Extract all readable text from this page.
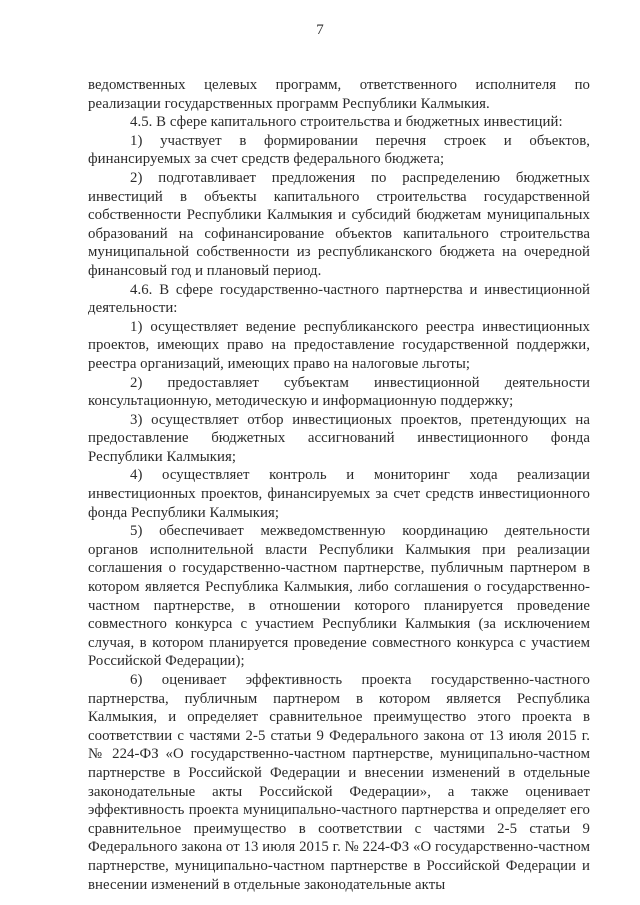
7

ведомственных целевых программ, ответственного исполнителя по реализации государственных программ Республики Калмыкия.

4.5. В сфере капитального строительства и бюджетных инвестиций:

1) участвует в формировании перечня строек и объектов, финансируемых за счет средств федерального бюджета;

2) подготавливает предложения по распределению бюджетных инвестиций в объекты капитального строительства государственной собственности Республики Калмыкия и субсидий бюджетам муниципальных образований на софинансирование объектов капитального строительства муниципальной собственности из республиканского бюджета на очередной финансовый год и плановый период.

4.6. В сфере государственно-частного партнерства и инвестиционной деятельности:

1) осуществляет ведение республиканского реестра инвестиционных проектов, имеющих право на предоставление государственной поддержки, реестра организаций, имеющих право на налоговые льготы;

2) предоставляет субъектам инвестиционной деятельности консультационную, методическую и информационную поддержку;

3) осуществляет отбор инвестиционых проектов, претендующих на предоставление бюджетных ассигнований инвестиционного фонда Республики Калмыкия;

4) осуществляет контроль и мониторинг хода реализации инвестиционных проектов, финансируемых за счет средств инвестиционного фонда Республики Калмыкия;

5) обеспечивает межведомственную координацию деятельности органов исполнительной власти Республики Калмыкия при реализации соглашения о государственно-частном партнерстве, публичным партнером в котором является Республика Калмыкия, либо соглашения о государственно-частном партнерстве, в отношении которого планируется проведение совместного конкурса с участием Республики Калмыкия (за исключением случая, в котором планируется проведение совместного конкурса с участием Российской Федерации);

6) оценивает эффективность проекта государственно-частного партнерства, публичным партнером в котором является Республика Калмыкия, и определяет сравнительное преимущество этого проекта в соответствии с частями 2-5 статьи 9 Федерального закона от 13 июля 2015 г. № 224-ФЗ «О государственно-частном партнерстве, муниципально-частном партнерстве в Российской Федерации и внесении изменений в отдельные законодательные акты Российской Федерации», а также оценивает эффективность проекта муниципально-частного партнерства и определяет его сравнительное преимущество в соответствии с частями 2-5 статьи 9 Федерального закона от 13 июля 2015 г. № 224-ФЗ «О государственно-частном партнерстве, муниципально-частном партнерстве в Российской Федерации и внесении изменений в отдельные законодательные акты
